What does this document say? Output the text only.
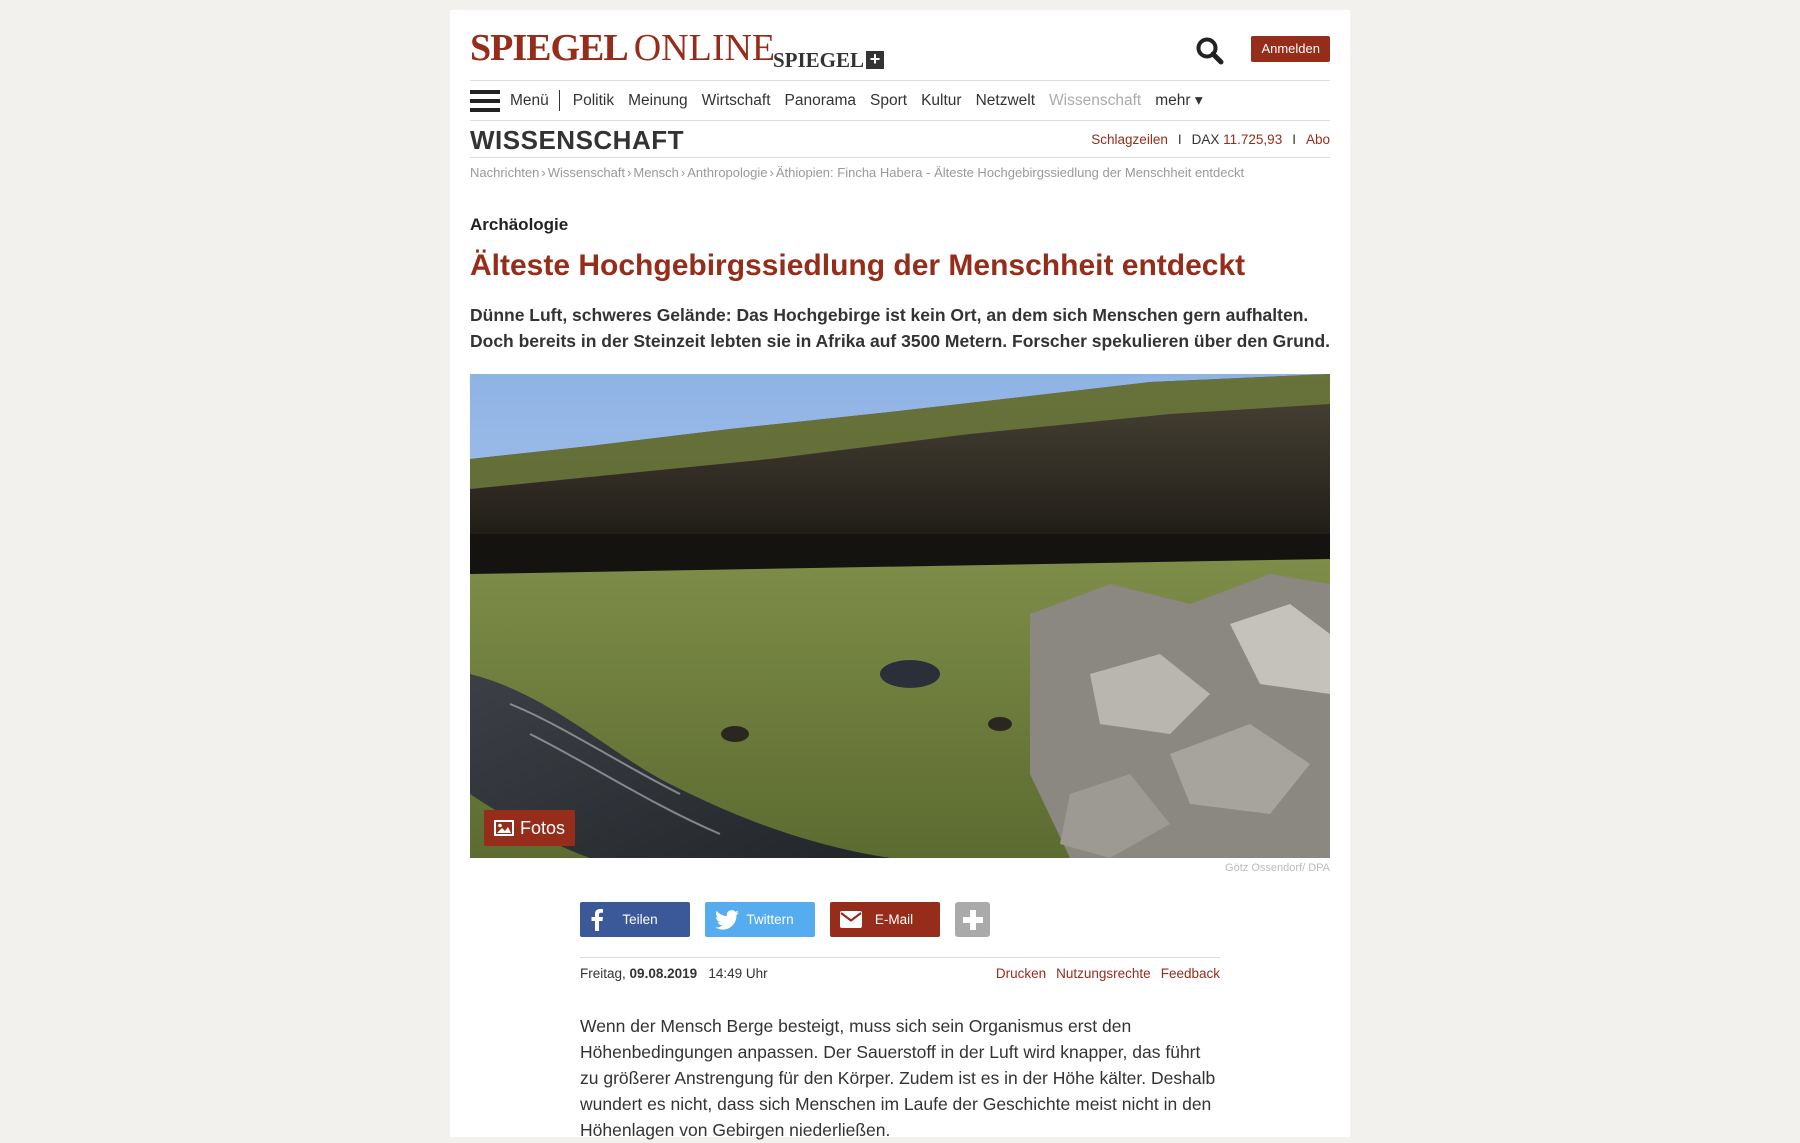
SPIEGEL ONLINE
SPIEGEL +
Anmelden
Menü Politik Meinung Wirtschaft Panorama Sport Kultur Netzwelt Wissenschaft mehr ▾
WISSENSCHAFT	Schlagzeilen I DAX 11.725,93 I Abo
Nachrichten › Wissenschaft › Mensch › Anthropologie › Äthiopien: Fincha Habera - Älteste Hochgebirgssiedlung der Menschheit entdeckt
Archäologie
Älteste Hochgebirgssiedlung der Menschheit entdeckt

Dünne Luft, schweres Gelände: Das Hochgebirge ist kein Ort, an dem sich Menschen gern aufhalten. Doch bereits in der Steinzeit lebten sie in Afrika auf 3500 Metern. Forscher spekulieren über den Grund.

Fotos
Götz Ossendorf/ DPA
Teilen	Twittern	E-Mail
Freitag, 09.08.2019 14:49 Uhr	Drucken Nutzungsrechte Feedback

Wenn der Mensch Berge besteigt, muss sich sein Organismus erst den Höhenbedingungen anpassen. Der Sauerstoff in der Luft wird knapper, das führt zu größerer Anstrengung für den Körper. Zudem ist es in der Höhe kälter. Deshalb wundert es nicht, dass sich Menschen im Laufe der Geschichte meist nicht in den Höhenlagen von Gebirgen niederließen.
